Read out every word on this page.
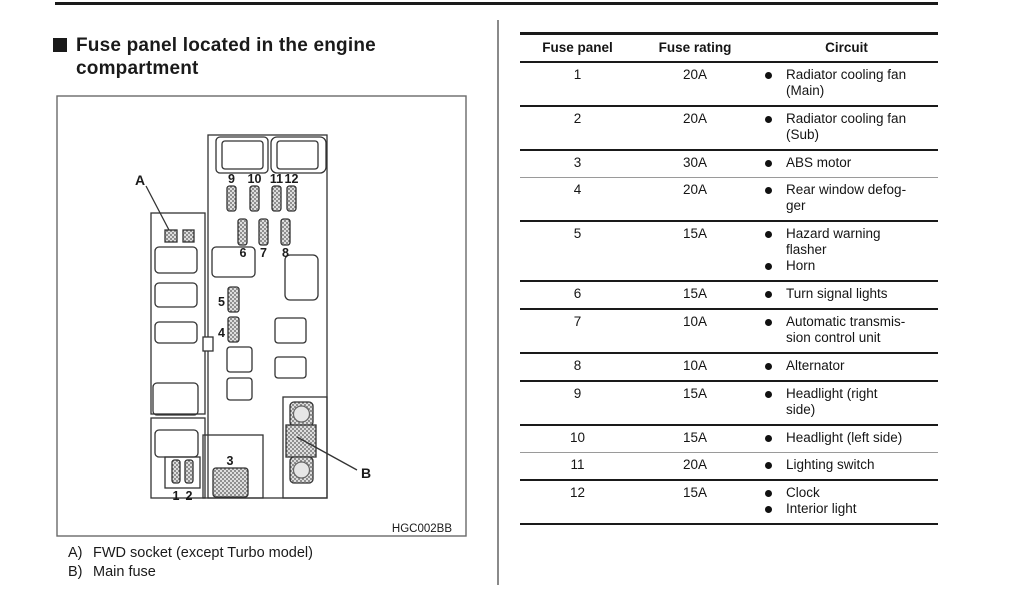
Fuse panel located in the engine compartment
A
B
9 10 11 12
6 7 8
5
4
3
1 2
HGC002BB
A) FWD socket (except Turbo model)
B) Main fuse
Fuse panel	Fuse rating	Circuit
1	20A	Radiator cooling fan
(Main)

2	20A	Radiator cooling fan
(Sub)

3	30A	ABS motor

4	20A	Rear window defog-
ger

5	15A	Hazard warning
flasher
Horn

6	15A	Turn signal lights

7	10A	Automatic transmis-
sion control unit

8	10A	Alternator

9	15A	Headlight (right
side)

10	15A	Headlight (left side)

11	20A	Lighting switch

12	15A	Clock
Interior light
